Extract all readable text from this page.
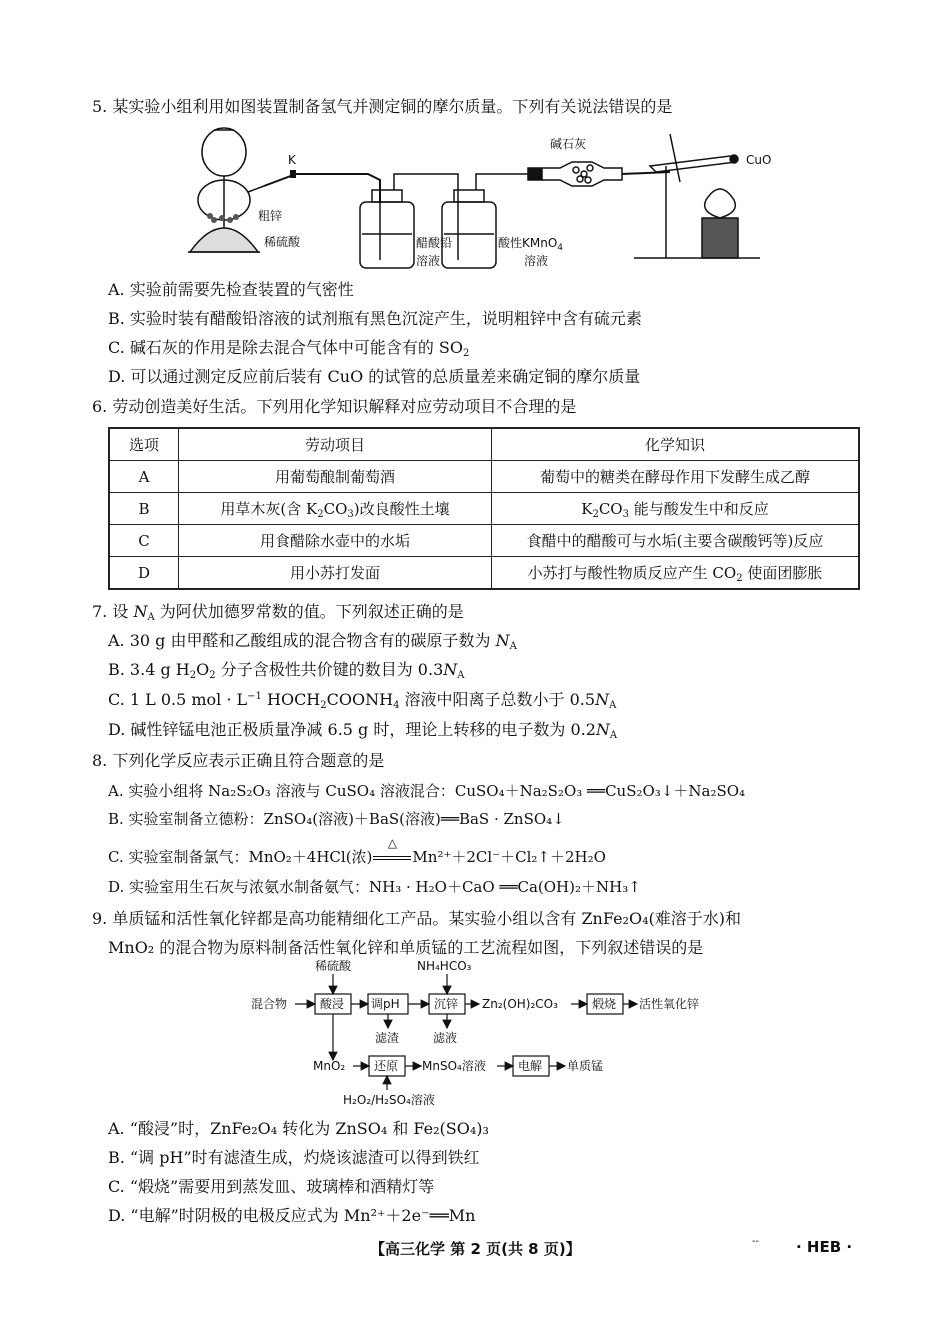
5. 某实验小组利用如图装置制备氢气并测定铜的摩尔质量。下列有关说法错误的是
粗锌
稀硫酸
K
醋酸铅
溶液
酸性KMnO$_4$
溶液
碱石灰
CuO
A. 实验前需要先检查装置的气密性
B. 实验时装有醋酸铅溶液的试剂瓶有黑色沉淀产生，说明粗锌中含有硫元素
C. 碱石灰的作用是除去混合气体中可能含有的 $SO_2$
D. 可以通过测定反应前后装有 CuO 的试管的总质量差来确定铜的摩尔质量
6. 劳动创造美好生活。下列用化学知识解释对应劳动项目不合理的是
选项	劳动项目	化学知识
A	用葡萄酿制葡萄酒	葡萄中的糖类在酵母作用下发酵生成乙醇
B	用草木灰(含 $K_2CO_3$)改良酸性土壤	$K_2CO_3$ 能与酸发生中和反应
C	用食醋除水壶中的水垢	食醋中的醋酸可与水垢(主要含碳酸钙等)反应
D	用小苏打发面	小苏打与酸性物质反应产生 $CO_2$ 使面团膨胀
7. 设 $N_A$ 为阿伏加德罗常数的值。下列叙述正确的是
A. 30 g 由甲醛和乙酸组成的混合物含有的碳原子数为 $N_A$
B. 3.4 g $H_2O_2$ 分子含极性共价键的数目为 $0.3N_A$
C. 1 L 0.5 mol · $L^{-1}$ $HOCH_2COONH_4$ 溶液中阳离子总数小于 $0.5N_A$
D. 碱性锌锰电池正极质量净减 6.5 g 时，理论上转移的电子数为 $0.2N_A$
8. 下列化学反应表示正确且符合题意的是
A. 实验小组将 Na₂S₂O₃ 溶液与 CuSO₄ 溶液混合：CuSO₄＋Na₂S₂O₃ ══CuS₂O₃↓＋Na₂SO₄
B. 实验室制备立德粉：ZnSO₄(溶液)＋BaS(溶液)══BaS · ZnSO₄↓
C. 实验室制备氯气：MnO₂＋4HCl(浓)
△
Mn²⁺＋2Cl⁻＋Cl₂↑＋2H₂O
D. 实验室用生石灰与浓氨水制备氨气：NH₃ · H₂O＋CaO ══Ca(OH)₂＋NH₃↑
9. 单质锰和活性氧化锌都是高功能精细化工产品。某实验小组以含有 ZnFe₂O₄(难溶于水)和
MnO₂ 的混合物为原料制备活性氧化锌和单质锰的工艺流程如图，下列叙述错误的是
混合物
稀硫酸
酸浸 调pH
NH₄HCO₃
沉锌 Zn₂(OH)₂CO₃	煅烧 活性氧化锌
滤渣	滤液
MnO₂ 还原 MnSO₄溶液	电解 单质锰
H₂O₂/H₂SO₄溶液
A. “酸浸”时，ZnFe₂O₄ 转化为 ZnSO₄ 和 Fe₂(SO₄)₃
B. “调 pH”时有滤渣生成，灼烧该滤渣可以得到铁红
C. “煅烧”需要用到蒸发皿、玻璃棒和酒精灯等
D. “电解”时阴极的电极反应式为 Mn²⁺＋2e⁻══Mn
【高三化学 第 2 页(共 8 页)】	-- · HEB ·
